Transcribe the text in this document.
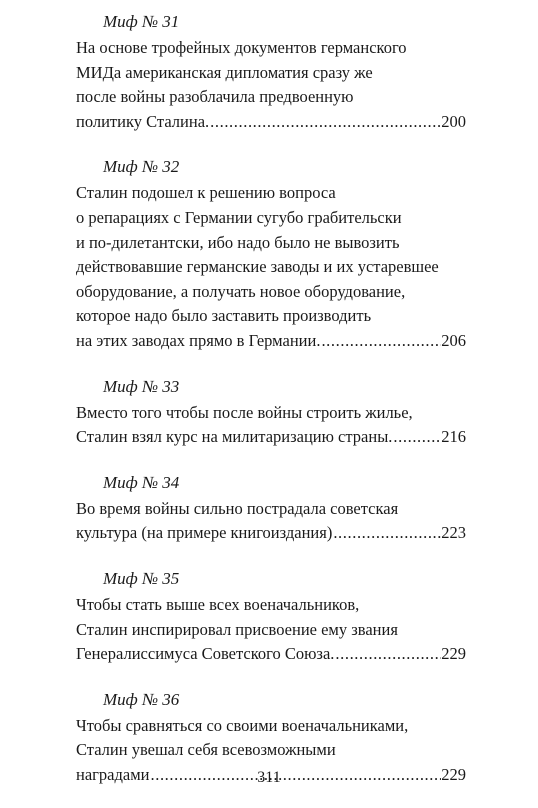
Миф № 31
На основе трофейных документов германского
МИДа американская дипломатия сразу же
после войны разоблачила предвоенную
политику Сталина. .....	200
Миф № 32
Сталин подошел к решению вопроса
о репарациях с Германии сугубо грабительски
и по-дилетантски, ибо надо было не вывозить
действовавшие германские заводы и их устаревшее
оборудование, а получать новое оборудование,
которое надо было заставить производить
на этих заводах прямо в Германии. .....	206
Миф № 33
Вместо того чтобы после войны строить жилье,
Сталин взял курс на милитаризацию страны. .....	216
Миф № 34
Во время войны сильно пострадала советская
культура (на примере книгоиздания) .....	223
Миф № 35
Чтобы стать выше всех военачальников,
Сталин инспирировал присвоение ему звания
Генералиссимуса Советского Союза. .....	229
Миф № 36
Чтобы сравняться со своими военачальниками,
Сталин увешал себя всевозможными
наградами .....	229
311
